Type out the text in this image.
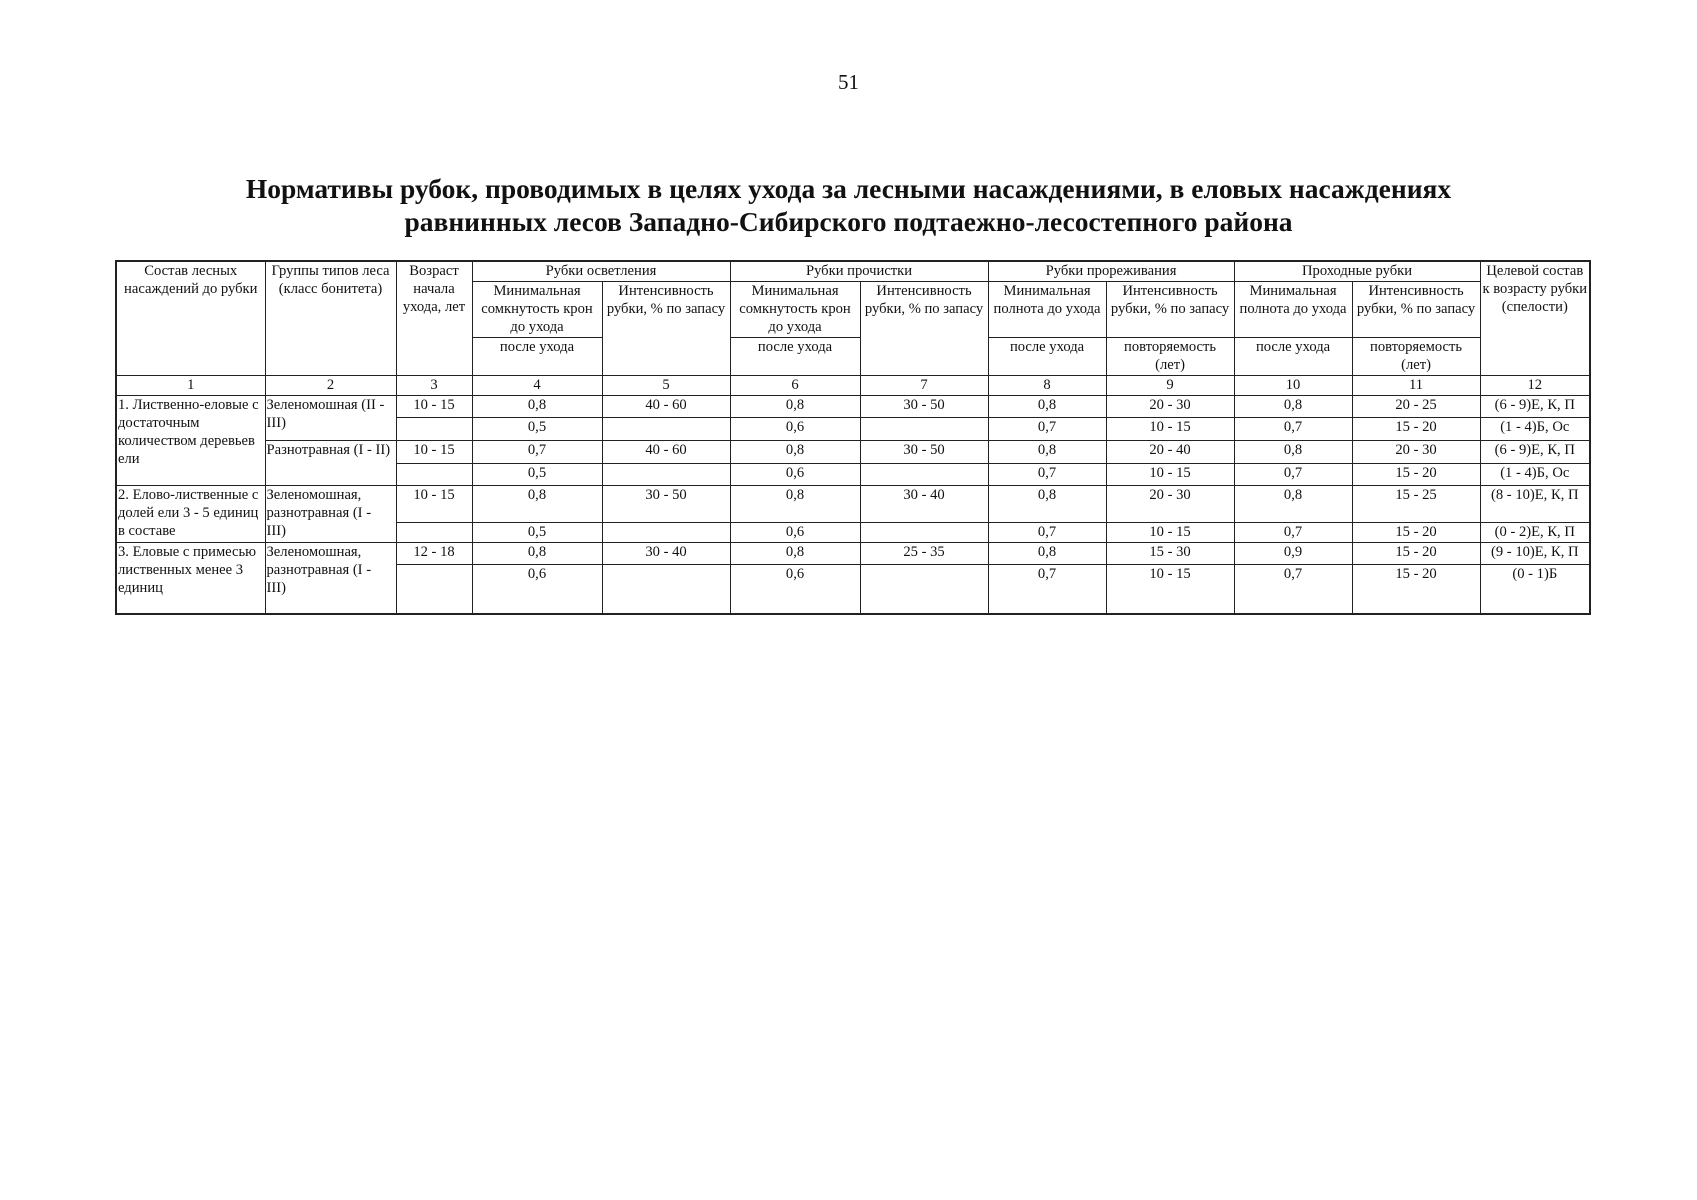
51
Нормативы рубок, проводимых в целях ухода за лесными насаждениями, в еловых насаждениях
равнинных лесов Западно-Сибирского подтаежно-лесостепного района
Состав лесных насаждений до рубки	Группы типов леса (класс бонитета)	Возраст начала ухода, лет	Рубки осветления		Рубки прочистки		Рубки прореживания		Проходные рубки		Целевой состав к возрасту рубки (спелости)
			Минимальная сомкнутость крон до ухода	Интенсивность рубки, % по запасу	Минимальная сомкнутость крон до ухода	Интенсивность рубки, % по запасу	Минимальная полнота до ухода	Интенсивность рубки, % по запасу	Минимальная полнота до ухода	Интенсивность рубки, % по запасу	
			после ухода		после ухода		после ухода	повторяемость (лет)	после ухода	повторяемость (лет)	
1	2	3	4	5	6	7	8	9	10	11	12
1. Лиственно-еловые с достаточным количеством деревьев ели	Зеленомошная (II - III)	10 - 15	0,8	40 - 60	0,8	30 - 50	0,8	20 - 30	0,8	20 - 25	(6 - 9)Е, К, П
			0,5		0,6		0,7	10 - 15	0,7	15 - 20	(1 - 4)Б, Ос
	Разнотравная (I - II)	10 - 15	0,7	40 - 60	0,8	30 - 50	0,8	20 - 40	0,8	20 - 30	(6 - 9)Е, К, П
			0,5		0,6		0,7	10 - 15	0,7	15 - 20	(1 - 4)Б, Ос
2. Елово-лиственные с долей ели 3 - 5 единиц в составе	Зеленомошная, разнотравная (I - III)	10 - 15	0,8	30 - 50	0,8	30 - 40	0,8	20 - 30	0,8	15 - 25	(8 - 10)Е, К, П
			0,5		0,6		0,7	10 - 15	0,7	15 - 20	(0 - 2)Е, К, П
3. Еловые с примесью лиственных менее 3 единиц	Зеленомошная, разнотравная (I - III)	12 - 18	0,8	30 - 40	0,8	25 - 35	0,8	15 - 30	0,9	15 - 20	(9 - 10)Е, К, П
			0,6		0,6		0,7	10 - 15	0,7	15 - 20	(0 - 1)Б
